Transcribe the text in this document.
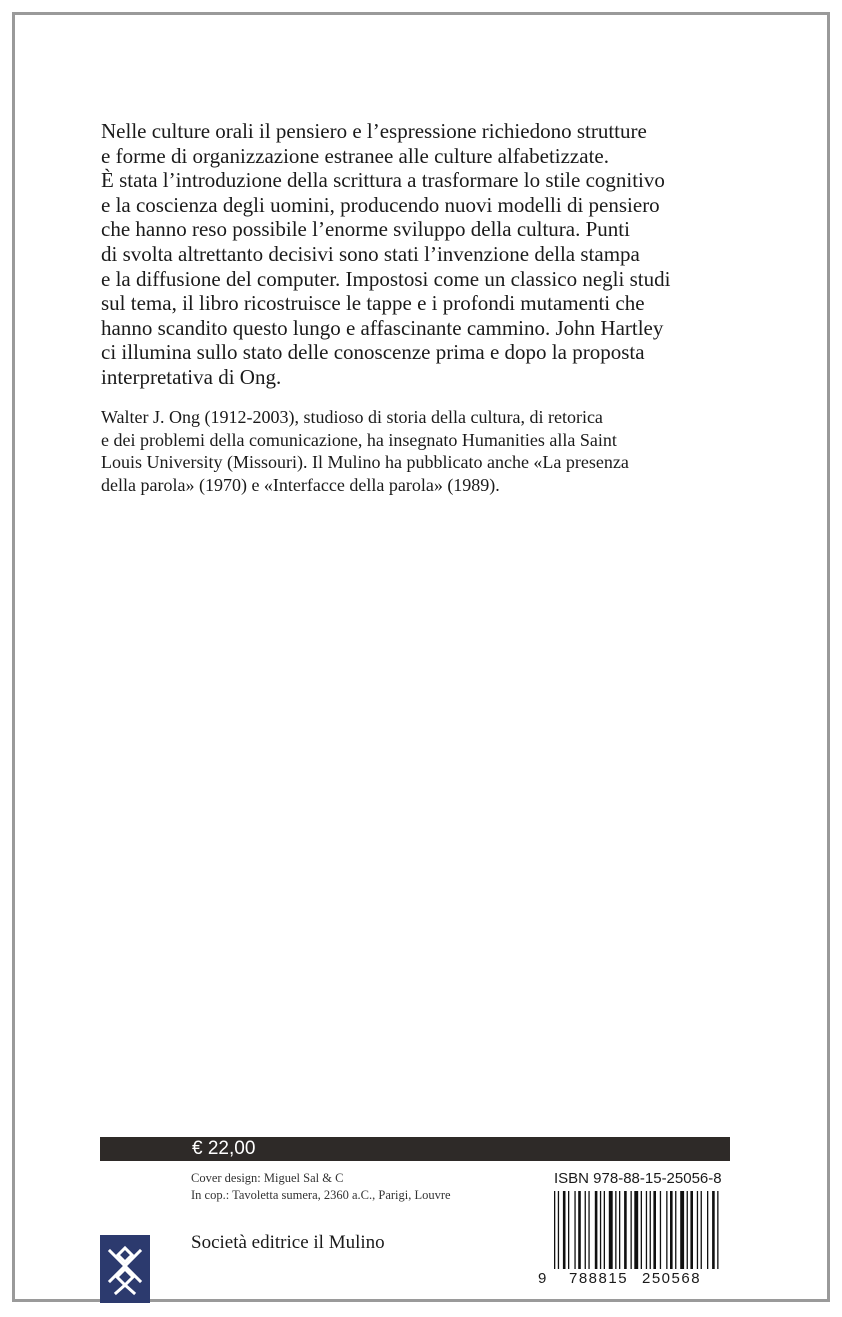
Nelle culture orali il pensiero e l’espressione richiedono strutture
e forme di organizzazione estranee alle culture alfabetizzate.
È stata l’introduzione della scrittura a trasformare lo stile cognitivo
e la coscienza degli uomini, producendo nuovi modelli di pensiero
che hanno reso possibile l’enorme sviluppo della cultura. Punti
di svolta altrettanto decisivi sono stati l’invenzione della stampa
e la diffusione del computer. Impostosi come un classico negli studi
sul tema, il libro ricostruisce le tappe e i profondi mutamenti che
hanno scandito questo lungo e affascinante cammino. John Hartley
ci illumina sullo stato delle conoscenze prima e dopo la proposta
interpretativa di Ong.
Walter J. Ong (1912-2003), studioso di storia della cultura, di retorica
e dei problemi della comunicazione, ha insegnato Humanities alla Saint
Louis University (Missouri). Il Mulino ha pubblicato anche «La presenza
della parola» (1970) e «Interfacce della parola» (1989).
€ 22,00
Cover design: Miguel Sal & C
In cop.: Tavoletta sumera, 2360 a.C., Parigi, Louvre
ISBN 978-88-15-25056-8
9 788815 250568
Società editrice il Mulino
